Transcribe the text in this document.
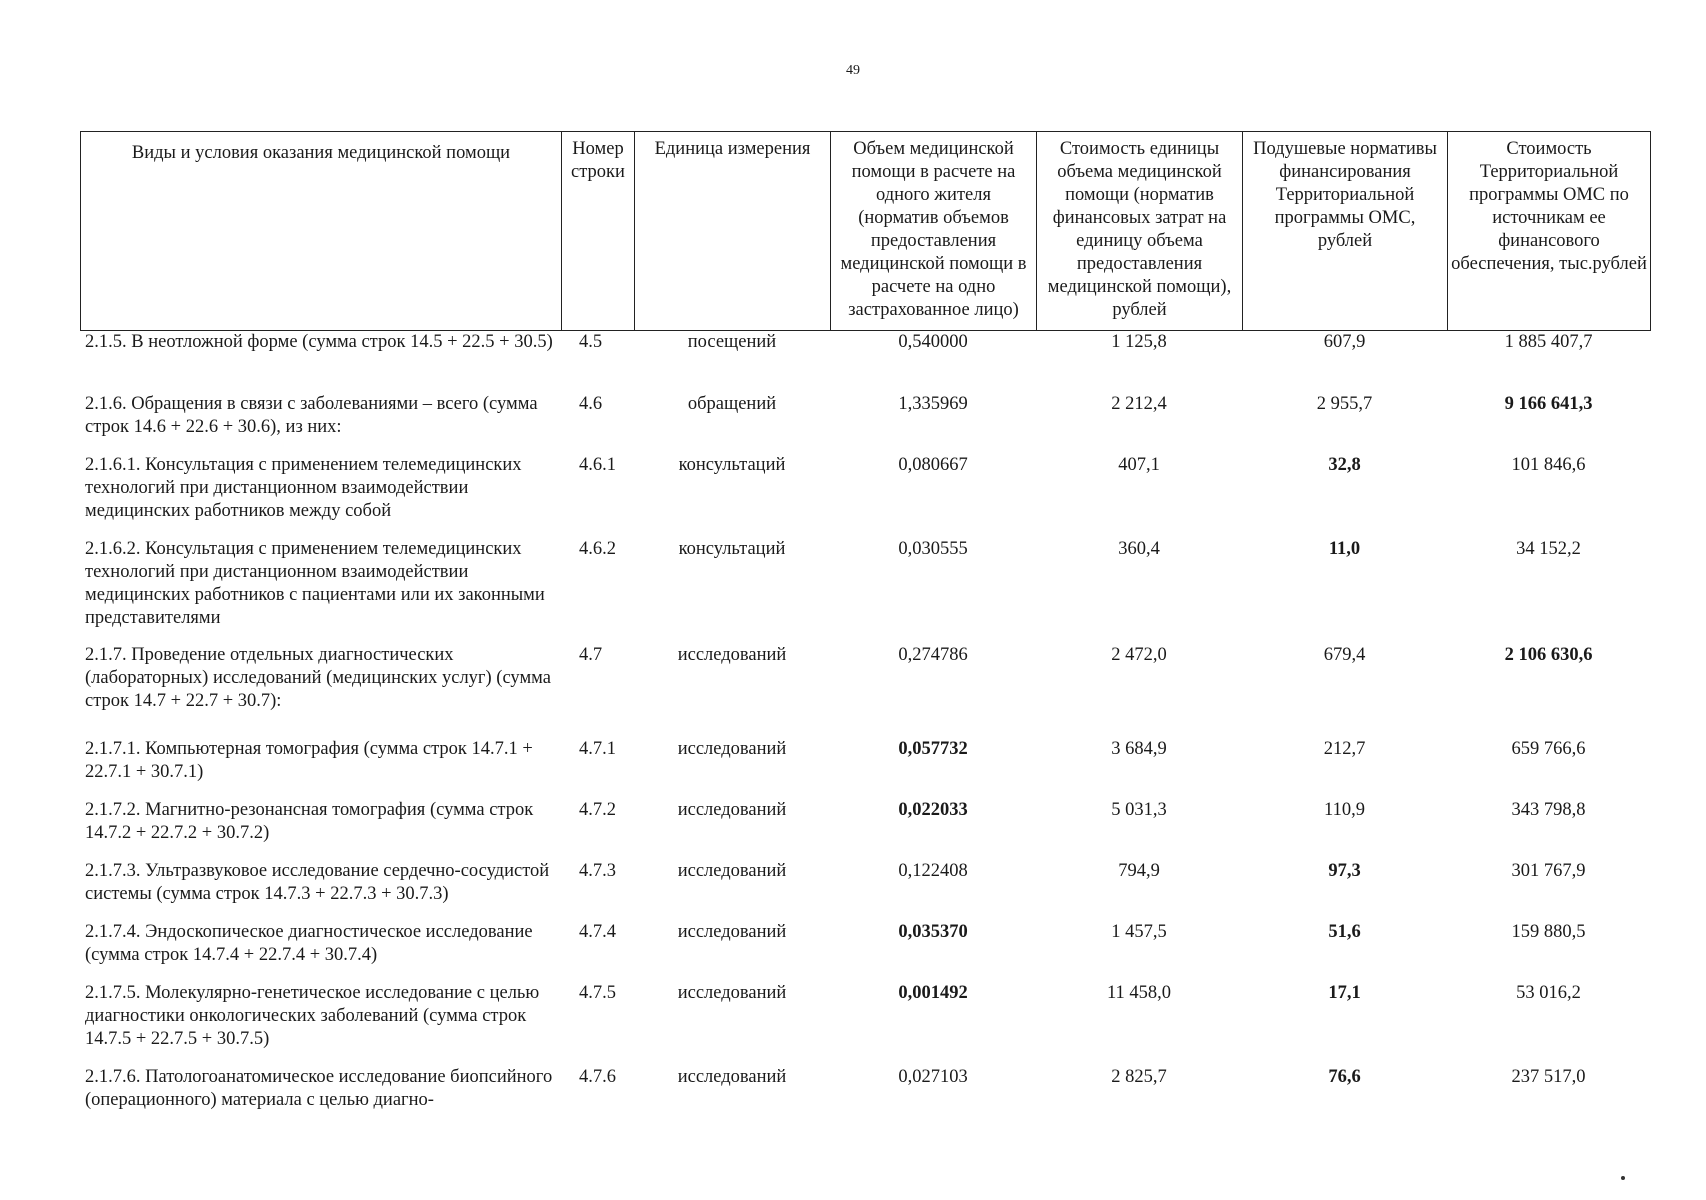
49
Виды и условия оказания медицинской помощи	Номер строки	Единица измерения	Объем медицинской помощи в расчете на одного жителя (норматив объемов предоставления медицинской помощи в расчете на одно застрахованное лицо)	Стоимость единицы объема медицинской помощи (норматив финансовых затрат на единицу объема предоставления медицинской помощи), рублей	Подушевые нормативы финансирования Территориальной программы ОМС, рублей	Стоимость Территориальной программы ОМС по источникам ее финансового обеспечения, тыс.рублей
2.1.5. В неотложной форме (сумма строк 14.5 + 22.5 + 30.5)	4.5	посещений	0,540000	1 125,8	607,9	1 885 407,7
2.1.6. Обращения в связи с заболеваниями – всего (сумма строк 14.6 + 22.6 + 30.6), из них:	4.6	обращений	1,335969	2 212,4	2 955,7	9 166 641,3
2.1.6.1. Консультация с применением телемедицинских технологий при дистанционном взаимодействии медицинских работников между собой	4.6.1	консультаций	0,080667	407,1	32,8	101 846,6
2.1.6.2. Консультация с применением телемедицинских технологий при дистанционном взаимодействии медицинских работников с пациентами или их законными представителями	4.6.2	консультаций	0,030555	360,4	11,0	34 152,2
2.1.7. Проведение отдельных диагностических (лабораторных) исследований (медицинских услуг) (сумма строк 14.7 + 22.7 + 30.7):	4.7	исследований	0,274786	2 472,0	679,4	2 106 630,6
2.1.7.1. Компьютерная томография (сумма строк 14.7.1 + 22.7.1 + 30.7.1)	4.7.1	исследований	0,057732	3 684,9	212,7	659 766,6
2.1.7.2. Магнитно-резонансная томография (сумма строк 14.7.2 + 22.7.2 + 30.7.2)	4.7.2	исследований	0,022033	5 031,3	110,9	343 798,8
2.1.7.3. Ультразвуковое исследование сердечно-сосудистой системы (сумма строк 14.7.3 + 22.7.3 + 30.7.3)	4.7.3	исследований	0,122408	794,9	97,3	301 767,9
2.1.7.4. Эндоскопическое диагностическое исследование (сумма строк 14.7.4 + 22.7.4 + 30.7.4)	4.7.4	исследований	0,035370	1 457,5	51,6	159 880,5
2.1.7.5. Молекулярно-генетическое исследование с целью диагностики онкологических заболеваний (сумма строк 14.7.5 + 22.7.5 + 30.7.5)	4.7.5	исследований	0,001492	11 458,0	17,1	53 016,2
2.1.7.6. Патологоанатомическое исследование биопсийного (операционного) материала с целью диагно-	4.7.6	исследований	0,027103	2 825,7	76,6	237 517,0
